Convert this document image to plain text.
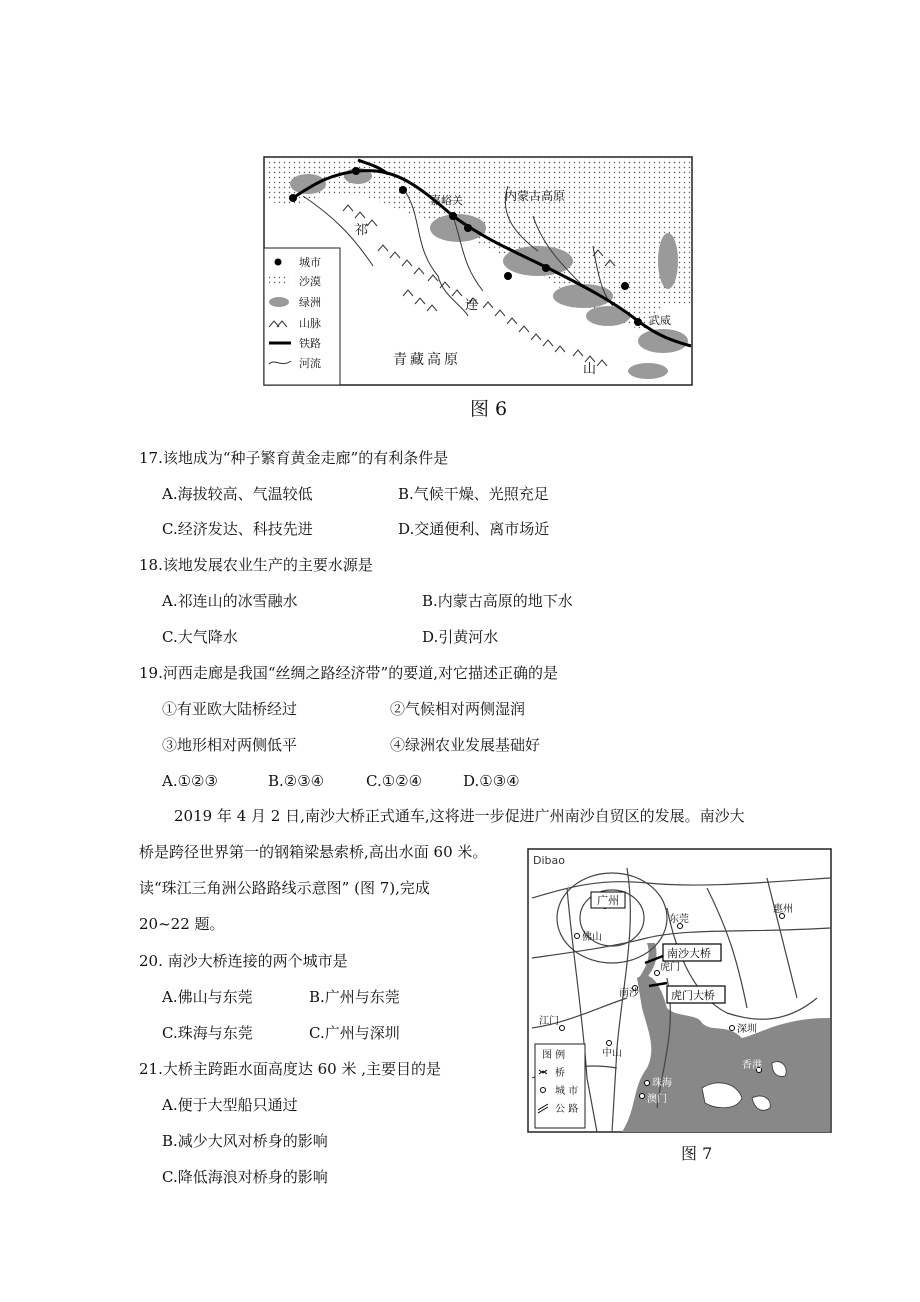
内蒙古高原
嘉峪关
祁
连
山
武威
青藏高原
城市
沙漠
绿洲
山脉
铁路
河流
图 6
17.该地成为“种子繁育黄金走廊”的有利条件是
A.海拔较高、气温较低	B.气候干燥、光照充足
C.经济发达、科技先进	D.交通便利、离市场近
18.该地发展农业生产的主要水源是
A.祁连山的冰雪融水	B.内蒙古高原的地下水
C.大气降水	D.引黄河水
19.河西走廊是我国“丝绸之路经济带”的要道,对它描述正确的是
①有亚欧大陆桥经过	②气候相对两侧湿润
③地形相对两侧低平	④绿洲农业发展基础好
A.①②③	B.②③④	C.①②④	D.①③④
2019 年 4 月 2 日,南沙大桥正式通车,这将进一步促进广州南沙自贸区的发展。南沙大
桥是跨径世界第一的钢箱梁悬索桥,高出水面 60 米。
读“珠江三角洲公路路线示意图” (图 7),完成
20~22 题。
20. 南沙大桥连接的两个城市是
A.佛山与东莞	B.广州与东莞
C.珠海与东莞	C.广州与深圳
21.大桥主跨距水面高度达 60 米 ,主要目的是
A.便于大型船只通过
B.减少大风对桥身的影响
C.降低海浪对桥身的影响
Dibao
广州
东莞
惠州
佛山
虎门
南沙
江门
深圳
中山
香港
珠海
澳门
南沙大桥
虎门大桥
图 例
桥
城 市
公 路
图 7
